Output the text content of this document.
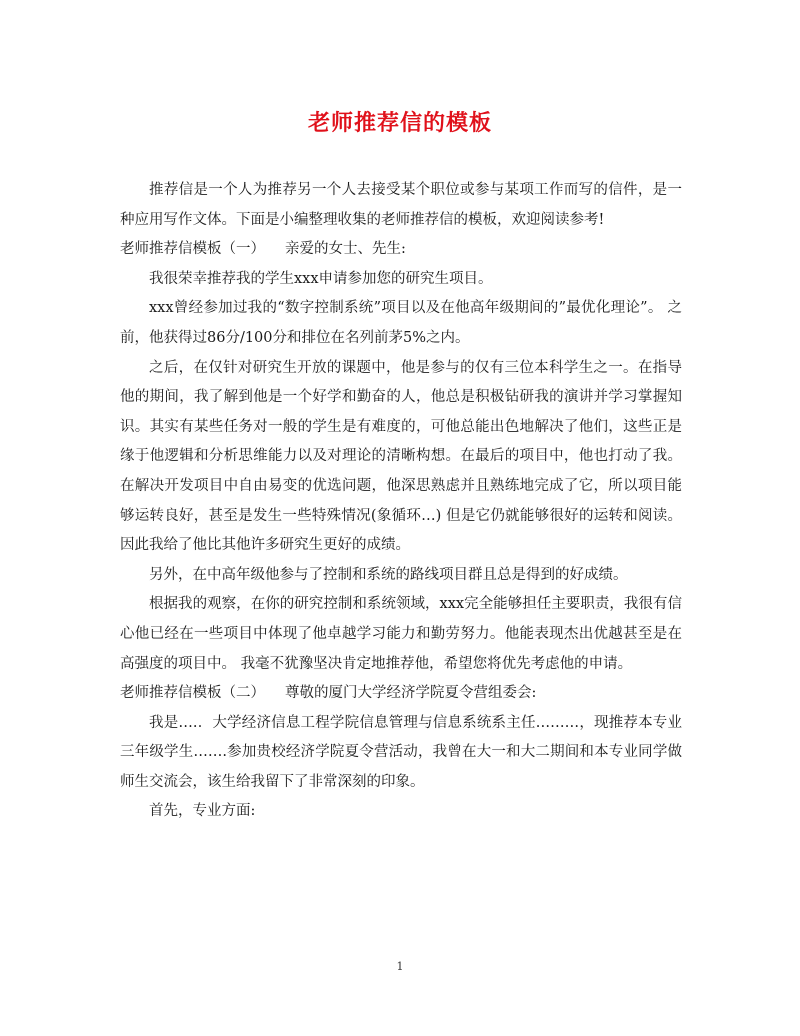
老师推荐信的模板

推荐信是一个人为推荐另一个人去接受某个职位或参与某项工作而写的信件，是一种应用写作文体。下面是小编整理收集的老师推荐信的模板，欢迎阅读参考!

老师推荐信模板（一） 亲爱的女士、先生:

我很荣幸推荐我的学生xxx申请参加您的研究生项目。

xxx曾经参加过我的“数字控制系统”项目以及在他高年级期间的”最优化理论”。 之前，他获得过86分/100分和排位在名列前茅5%之内。

之后，在仅针对研究生开放的课题中，他是参与的仅有三位本科学生之一。在指导他的期间，我了解到他是一个好学和勤奋的人，他总是积极钻研我的演讲并学习掌握知识。其实有某些任务对一般的学生是有难度的，可他总能出色地解决了他们，这些正是缘于他逻辑和分析思维能力以及对理论的清晰构想。在最后的项目中，他也打动了我。在解决开发项目中自由易变的优选问题，他深思熟虑并且熟练地完成了它，所以项目能够运转良好，甚至是发生一些特殊情况(象循环…) 但是它仍就能够很好的运转和阅读。 因此我给了他比其他许多研究生更好的成绩。

另外，在中高年级他参与了控制和系统的路线项目群且总是得到的好成绩。

根据我的观察，在你的研究控制和系统领域，xxx完全能够担任主要职责，我很有信心他已经在一些项目中体现了他卓越学习能力和勤劳努力。他能表现杰出优越甚至是在高强度的项目中。 我毫不犹豫坚决肯定地推荐他，希望您将优先考虑他的申请。

老师推荐信模板（二） 尊敬的厦门大学经济学院夏令营组委会:

我是….．大学经济信息工程学院信息管理与信息系统系主任………，现推荐本专业三年级学生…….参加贵校经济学院夏令营活动，我曾在大一和大二期间和本专业同学做师生交流会，该生给我留下了非常深刻的印象。

首先，专业方面:

1
